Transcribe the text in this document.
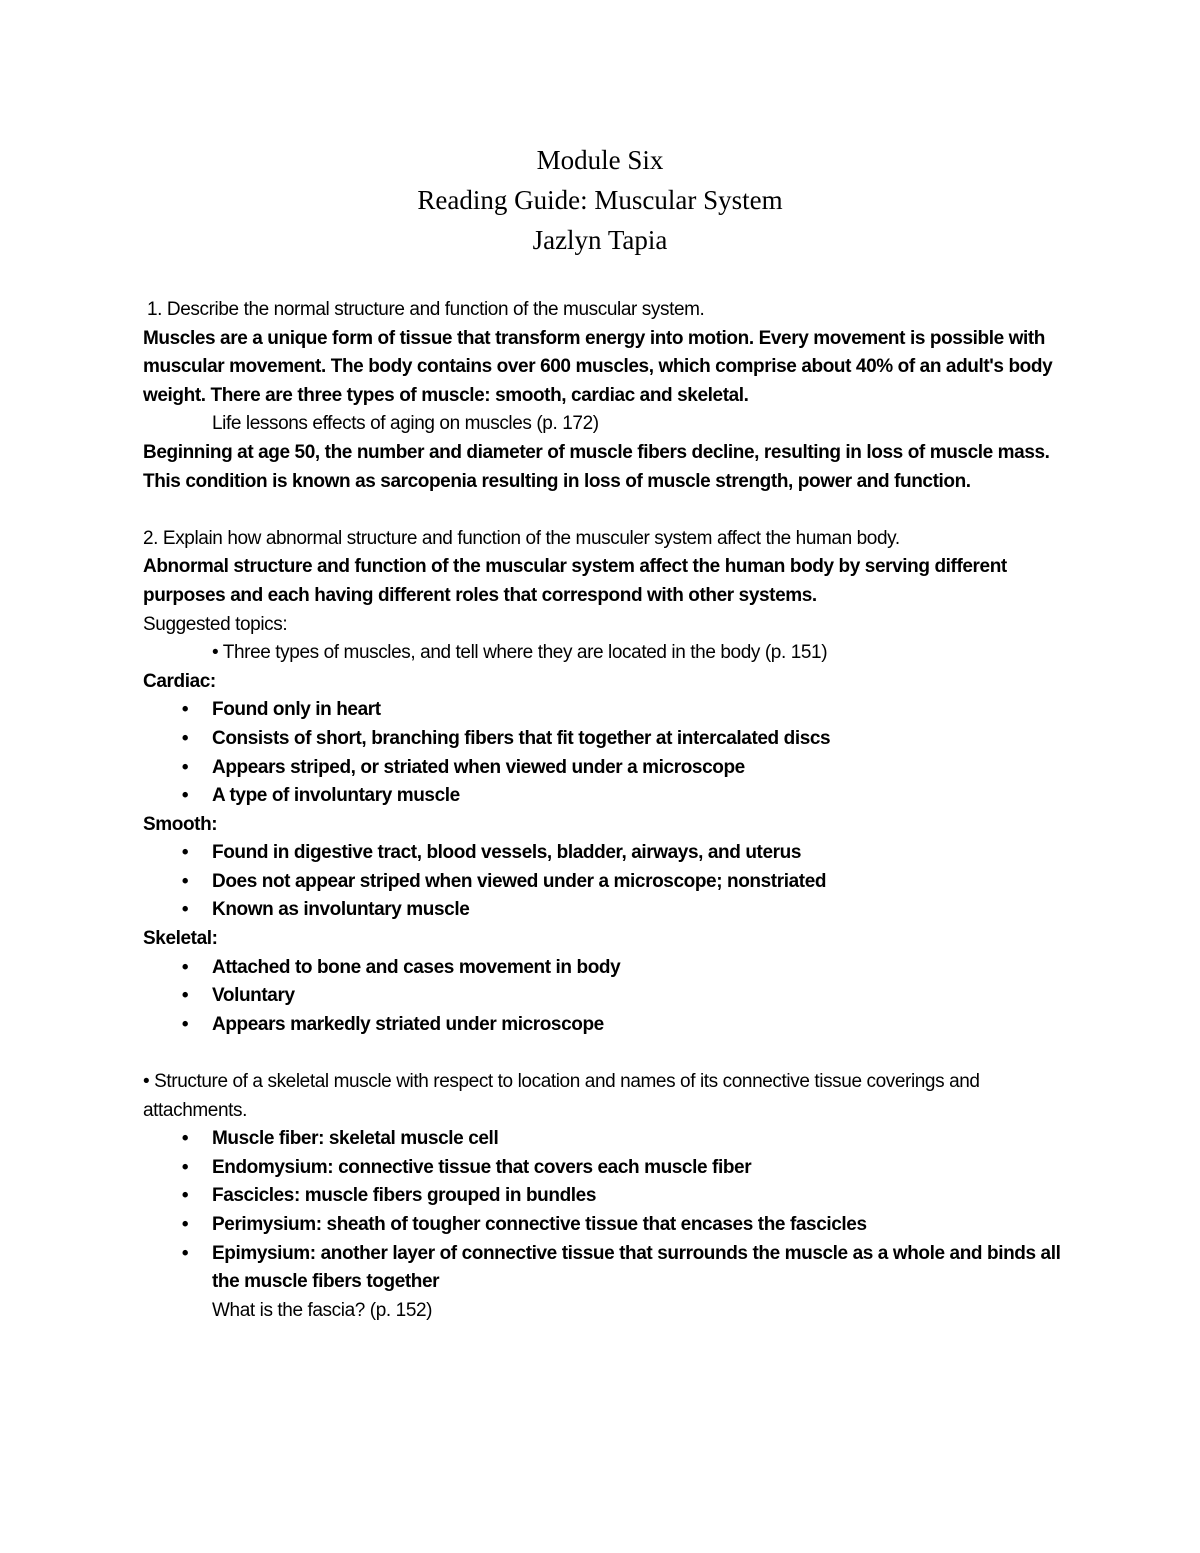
Module Six
Reading Guide: Muscular System
Jazlyn Tapia

1. Describe the normal structure and function of the muscular system.

Muscles are a unique form of tissue that transform energy into motion. Every movement is possible with muscular movement. The body contains over 600 muscles, which comprise about 40% of an adult's body weight. There are three types of muscle: smooth, cardiac and skeletal.

Life lessons effects of aging on muscles (p. 172)

Beginning at age 50, the number and diameter of muscle fibers decline, resulting in loss of muscle mass. This condition is known as sarcopenia resulting in loss of muscle strength, power and function.

2. Explain how abnormal structure and function of the musculer system affect the human body.

Abnormal structure and function of the muscular system affect the human body by serving different purposes and each having different roles that correspond with other systems.

Suggested topics:

• Three types of muscles, and tell where they are located in the body (p. 151)

Cardiac:

• Found only in heart
• Consists of short, branching fibers that fit together at intercalated discs
• Appears striped, or striated when viewed under a microscope
• A type of involuntary muscle

Smooth:

• Found in digestive tract, blood vessels, bladder, airways, and uterus
• Does not appear striped when viewed under a microscope; nonstriated
• Known as involuntary muscle

Skeletal:

• Attached to bone and cases movement in body
• Voluntary
• Appears markedly striated under microscope

• Structure of a skeletal muscle with respect to location and names of its connective tissue coverings and attachments.

• Muscle fiber: skeletal muscle cell
• Endomysium: connective tissue that covers each muscle fiber
• Fascicles: muscle fibers grouped in bundles
• Perimysium: sheath of tougher connective tissue that encases the fascicles
• Epimysium: another layer of connective tissue that surrounds the muscle as a whole and binds all the muscle fibers together

What is the fascia? (p. 152)
